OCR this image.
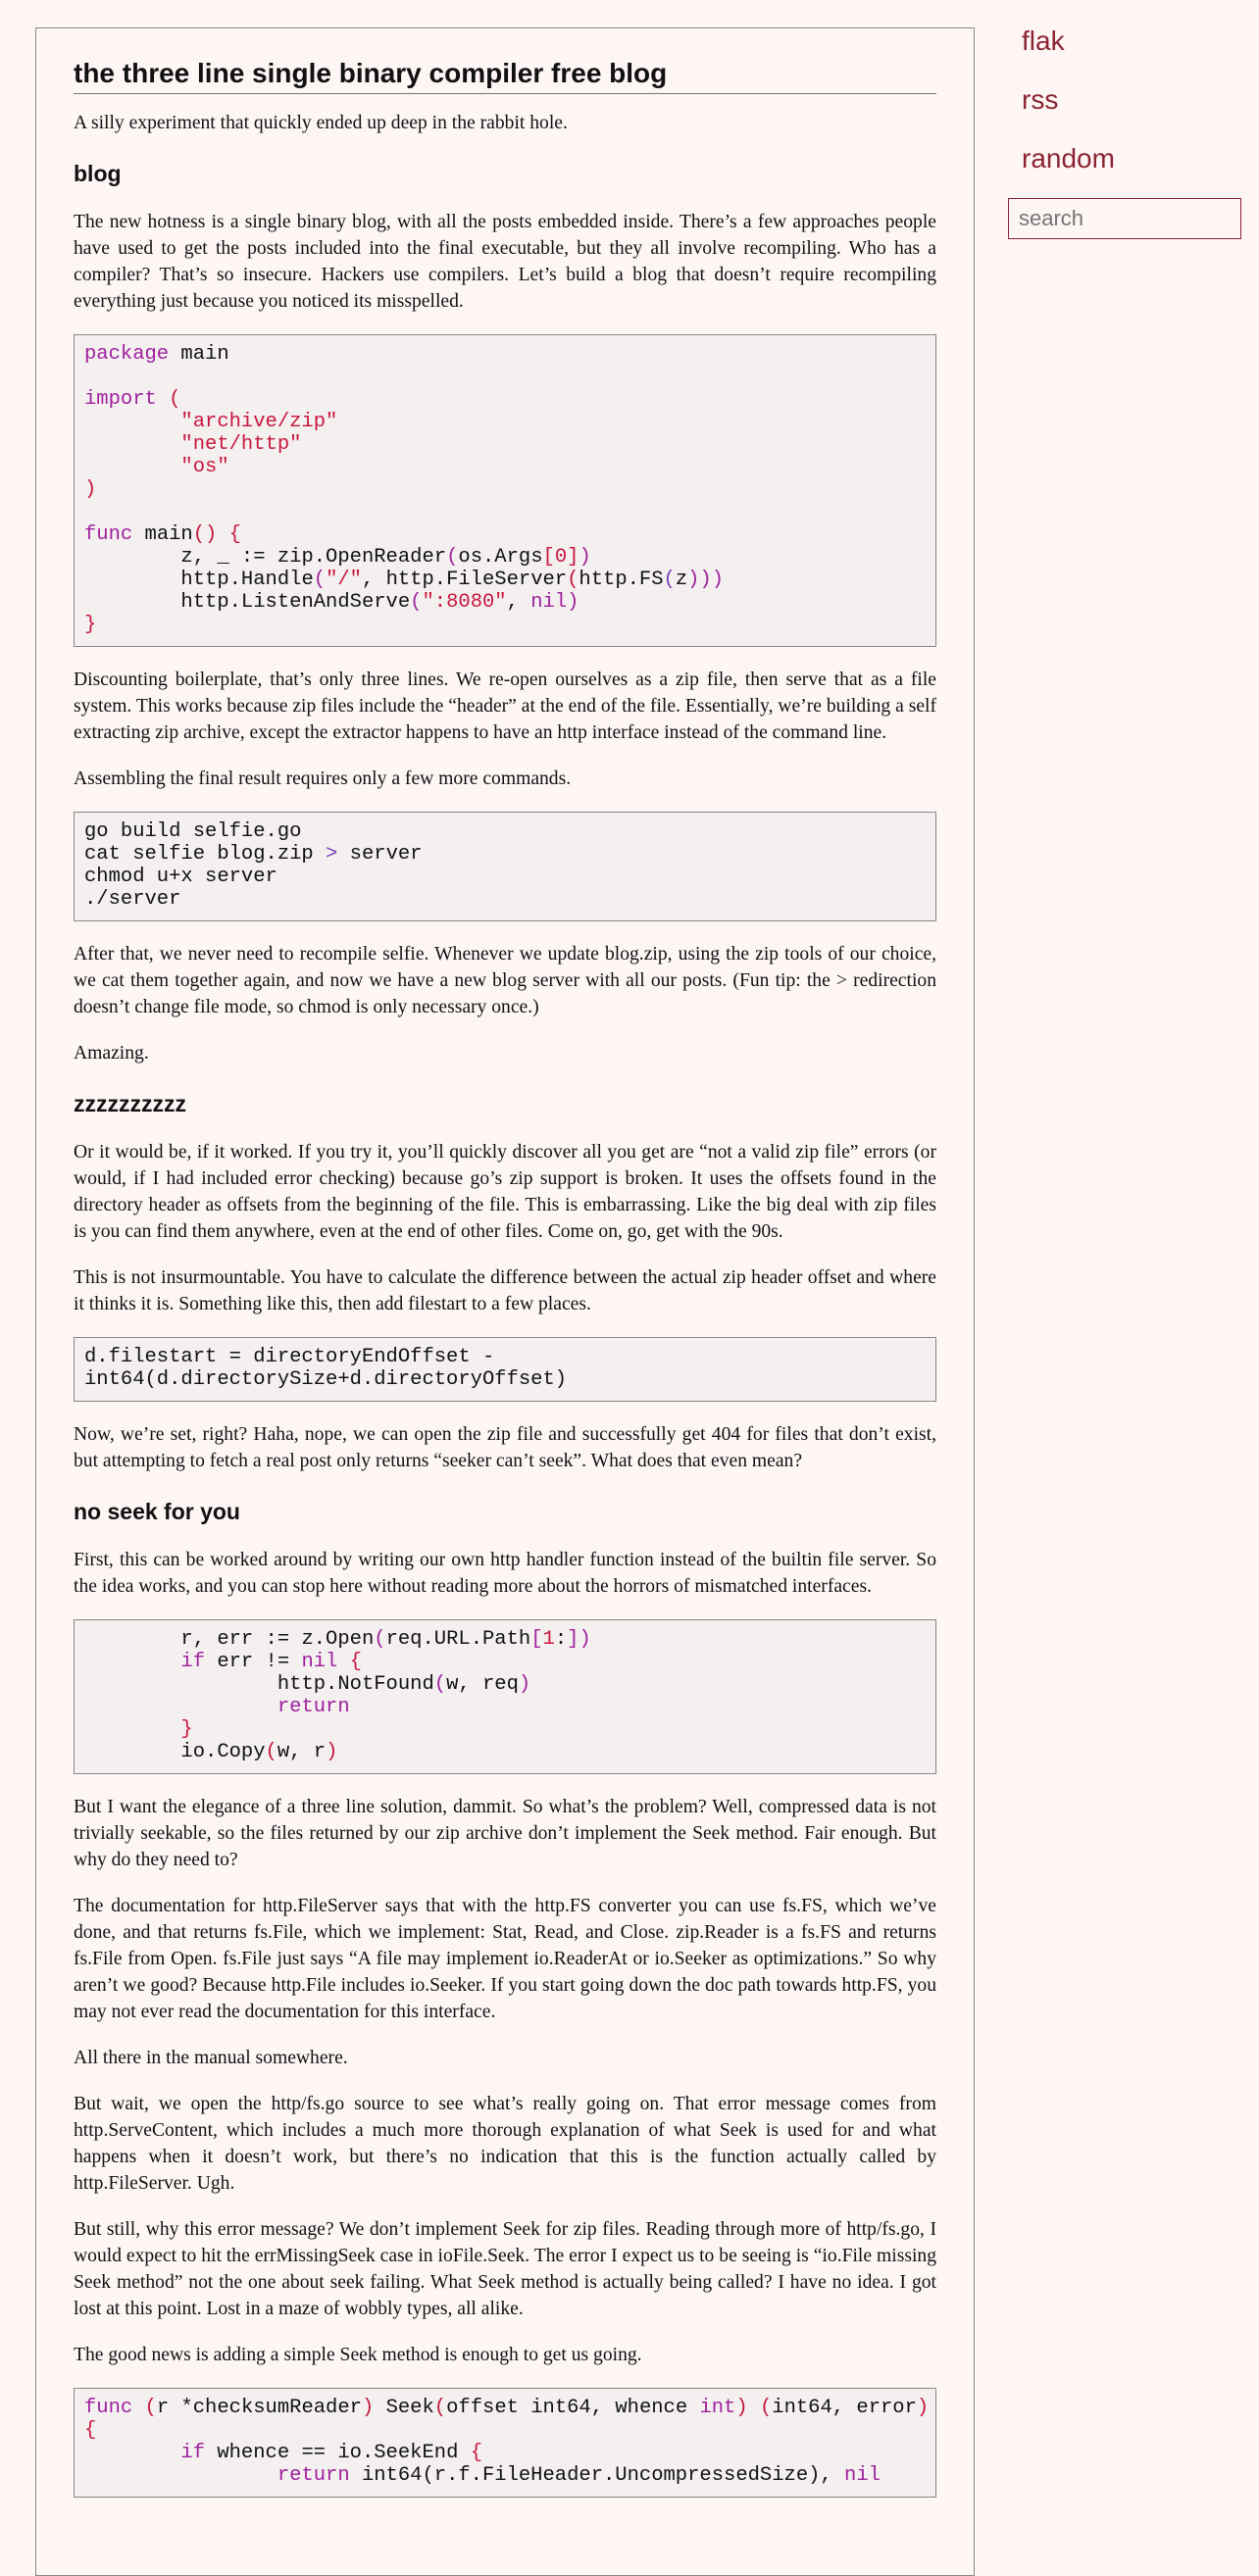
the three line single binary compiler free blog

A silly experiment that quickly ended up deep in the rabbit hole.

blog

The new hotness is a single binary blog, with all the posts embedded inside. There’s a few approaches people have used to get the posts included into the final executable, but they all involve recompiling. Who has a compiler? That’s so insecure. Hackers use compilers. Let’s build a blog that doesn’t require recompiling everything just because you noticed its misspelled.

package main

import (
"archive/zip"
"net/http"
"os"
)

func main() {
z, _ := zip.OpenReader(os.Args[0])
http.Handle("/", http.FileServer(http.FS(z)))
http.ListenAndServe(":8080", nil)
}

Discounting boilerplate, that’s only three lines. We re-open ourselves as a zip file, then serve that as a file system. This works because zip files include the “header” at the end of the file. Essentially, we’re building a self extracting zip archive, except the extractor happens to have an http interface instead of the command line.

Assembling the final result requires only a few more commands.

go build selfie.go
cat selfie blog.zip > server
chmod u+x server
./server

After that, we never need to recompile selfie. Whenever we update blog.zip, using the zip tools of our choice, we cat them together again, and now we have a new blog server with all our posts. (Fun tip: the > redirection doesn’t change file mode, so chmod is only necessary once.)

Amazing.

zzzzzzzzzz

Or it would be, if it worked. If you try it, you’ll quickly discover all you get are “not a valid zip file” errors (or would, if I had included error checking) because go’s zip support is broken. It uses the offsets found in the directory header as offsets from the beginning of the file. This is embarrassing. Like the big deal with zip files is you can find them anywhere, even at the end of other files. Come on, go, get with the 90s.

This is not insurmountable. You have to calculate the difference between the actual zip header offset and where it thinks it is. Something like this, then add filestart to a few places.

d.filestart = directoryEndOffset -
int64(d.directorySize+d.directoryOffset)

Now, we’re set, right? Haha, nope, we can open the zip file and successfully get 404 for files that don’t exist, but attempting to fetch a real post only returns “seeker can’t seek”. What does that even mean?

no seek for you

First, this can be worked around by writing our own http handler function instead of the builtin file server. So the idea works, and you can stop here without reading more about the horrors of mismatched interfaces.

r, err := z.Open(req.URL.Path[1:])
if err != nil {
http.NotFound(w, req)
return
}
io.Copy(w, r)

But I want the elegance of a three line solution, dammit. So what’s the problem? Well, compressed data is not trivially seekable, so the files returned by our zip archive don’t implement the Seek method. Fair enough. But why do they need to?

The documentation for http.FileServer says that with the http.FS converter you can use fs.FS, which we’ve done, and that returns fs.File, which we implement: Stat, Read, and Close. zip.Reader is a fs.FS and returns fs.File from Open. fs.File just says “A file may implement io.ReaderAt or io.Seeker as optimizations.” So why aren’t we good? Because http.File includes io.Seeker. If you start going down the doc path towards http.FS, you may not ever read the documentation for this interface.

All there in the manual somewhere.

But wait, we open the http/fs.go source to see what’s really going on. That error message comes from http.ServeContent, which includes a much more thorough explanation of what Seek is used for and what happens when it doesn’t work, but there’s no indication that this is the function actually called by http.FileServer. Ugh.

But still, why this error message? We don’t implement Seek for zip files. Reading through more of http/fs.go, I would expect to hit the errMissingSeek case in ioFile.Seek. The error I expect us to be seeing is “io.File missing Seek method” not the one about seek failing. What Seek method is actually being called? I have no idea. I got lost at this point. Lost in a maze of wobbly types, all alike.

The good news is adding a simple Seek method is enough to get us going.

func (r *checksumReader) Seek(offset int64, whence int) (int64, error)
{
if whence == io.SeekEnd {
return int64(r.f.FileHeader.UncompressedSize), nil
flak
rss
random
search
